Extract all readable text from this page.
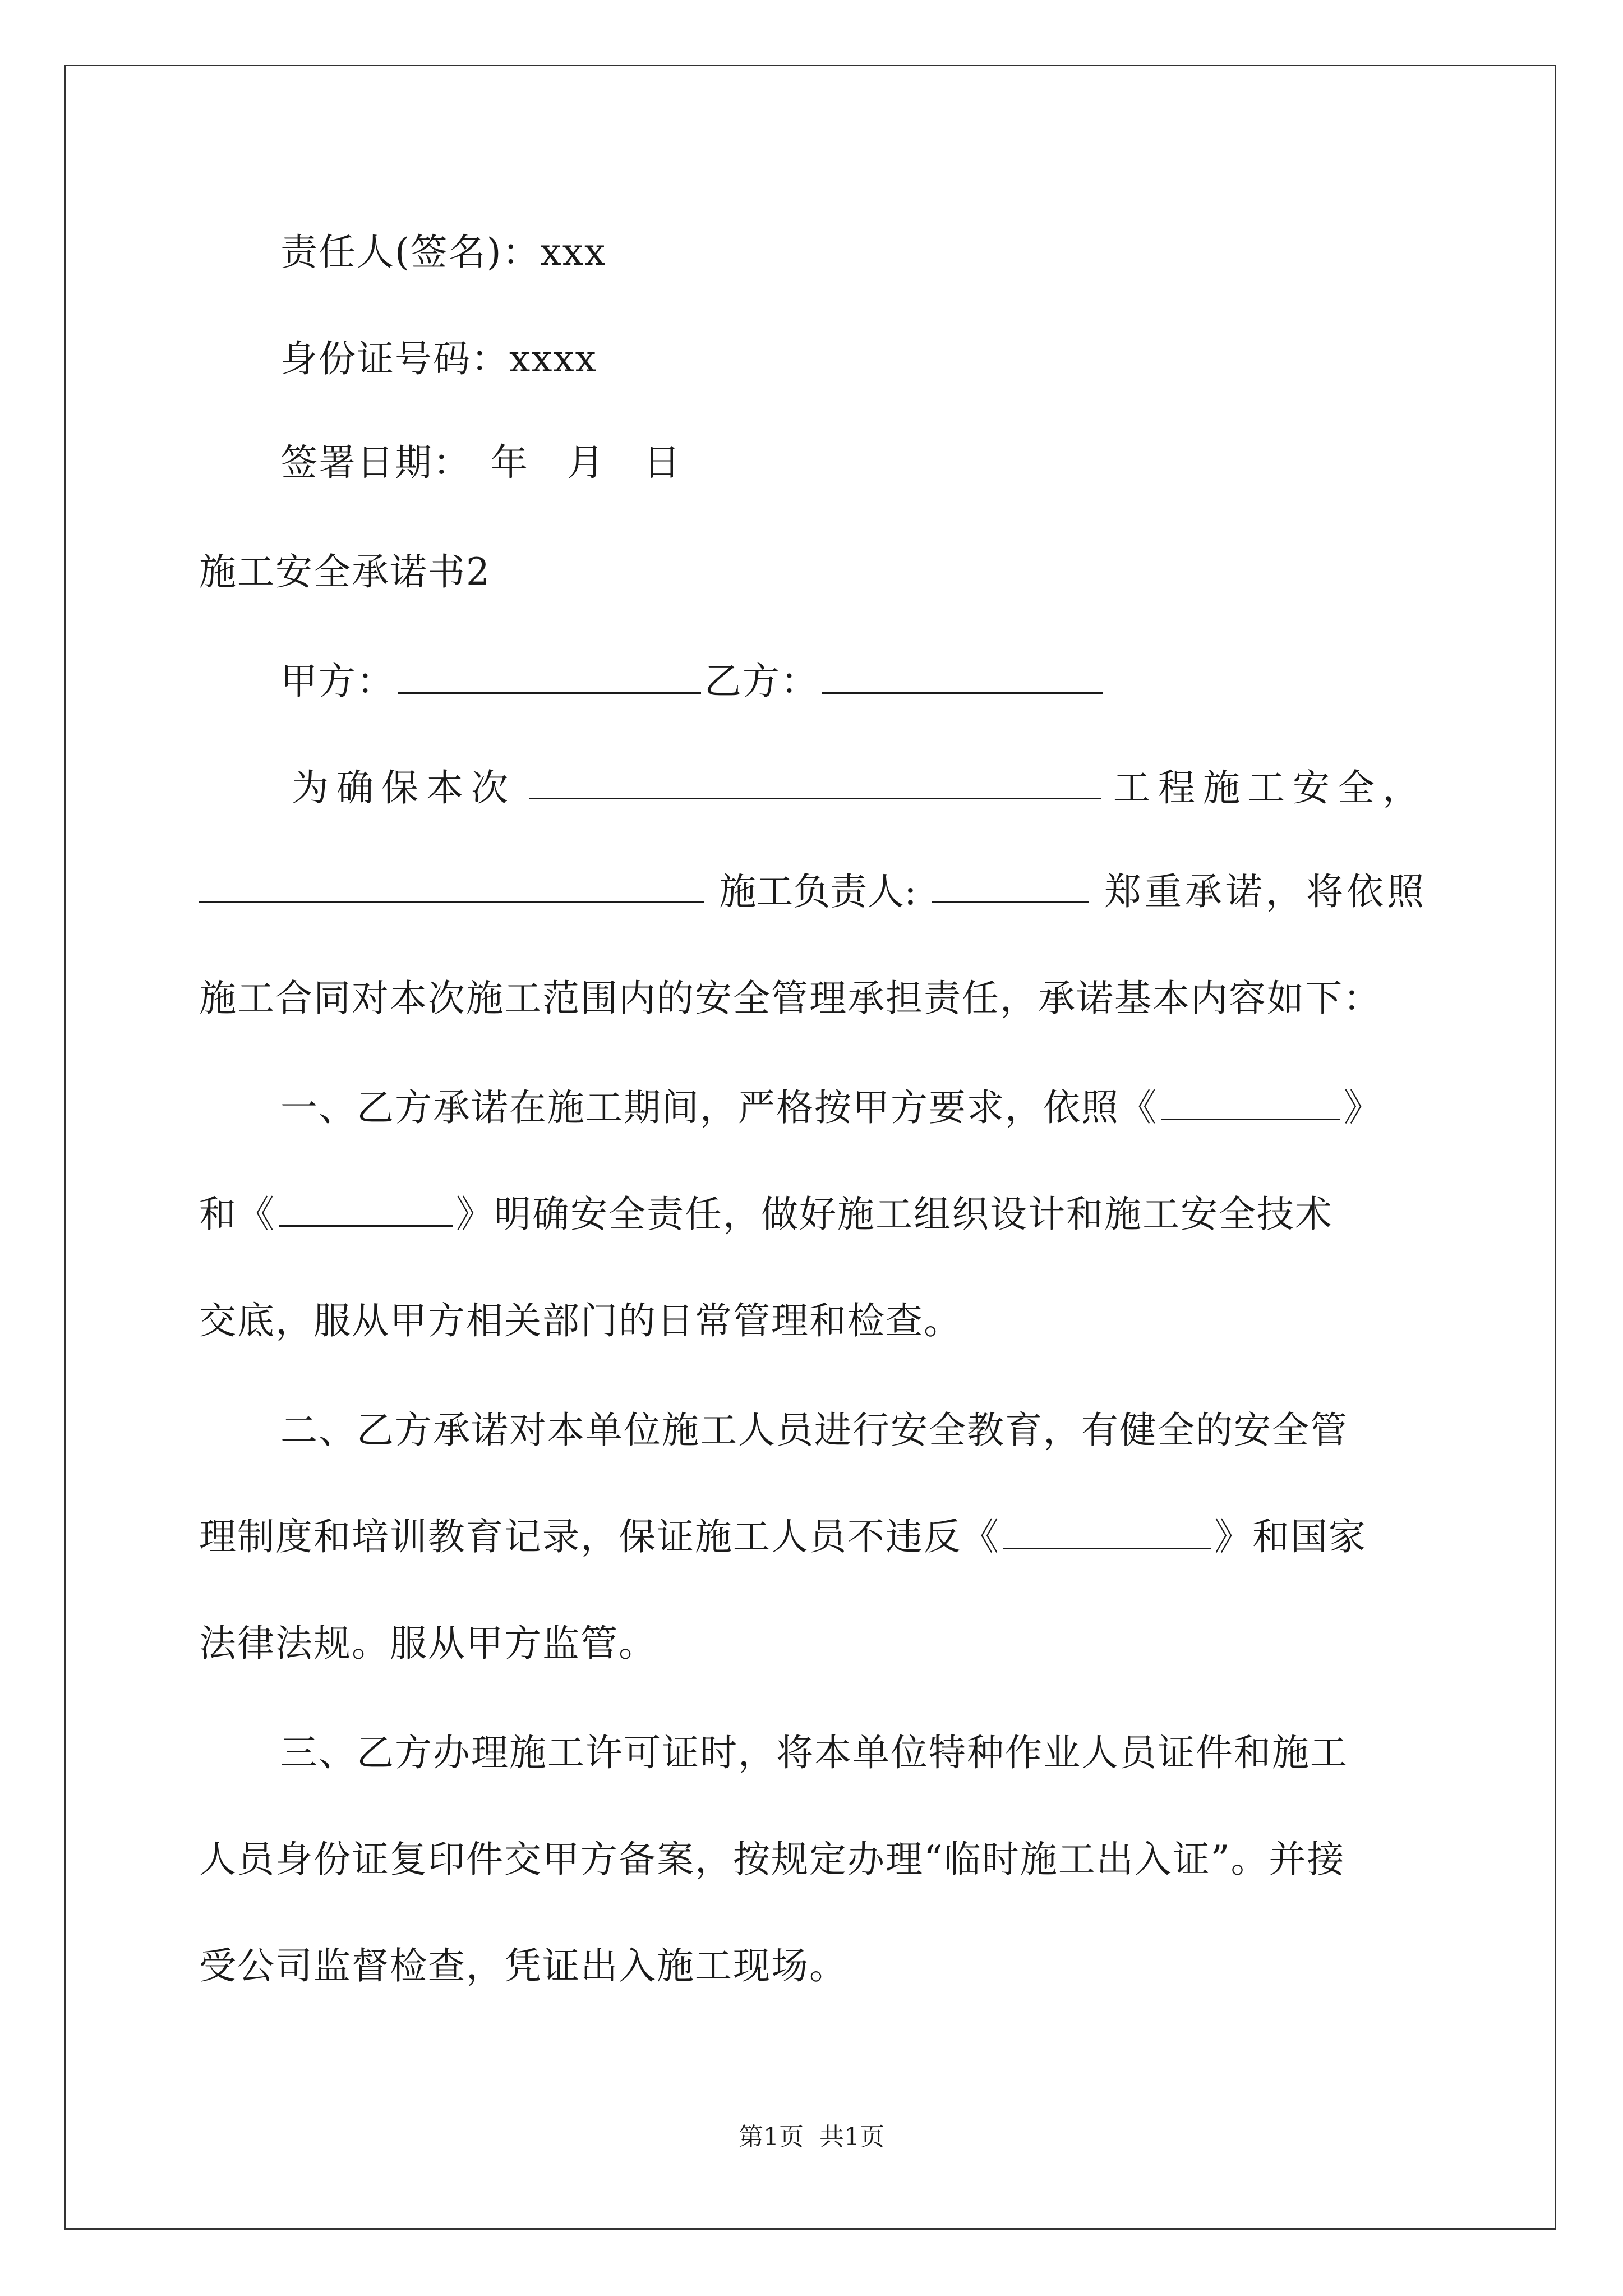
责任人(签名)：xxx
身份证号码：xxxx
签署日期：　年　月　日
施工安全承诺书2
甲方：	乙方：
为确保本次	工程施工安全，
施工负责人:	郑重承诺，将依照
施工合同对本次施工范围内的安全管理承担责任，承诺基本内容如下：
一、乙方承诺在施工期间，严格按甲方要求，依照《	》
和《	》明确安全责任，做好施工组织设计和施工安全技术
交底，服从甲方相关部门的日常管理和检查。
二、乙方承诺对本单位施工人员进行安全教育，有健全的安全管
理制度和培训教育记录，保证施工人员不违反《	》和国家
法律法规。服从甲方监管。
三、乙方办理施工许可证时，将本单位特种作业人员证件和施工
人员身份证复印件交甲方备案，按规定办理“临时施工出入证”。并接
受公司监督检查，凭证出入施工现场。
第1页 共1页
